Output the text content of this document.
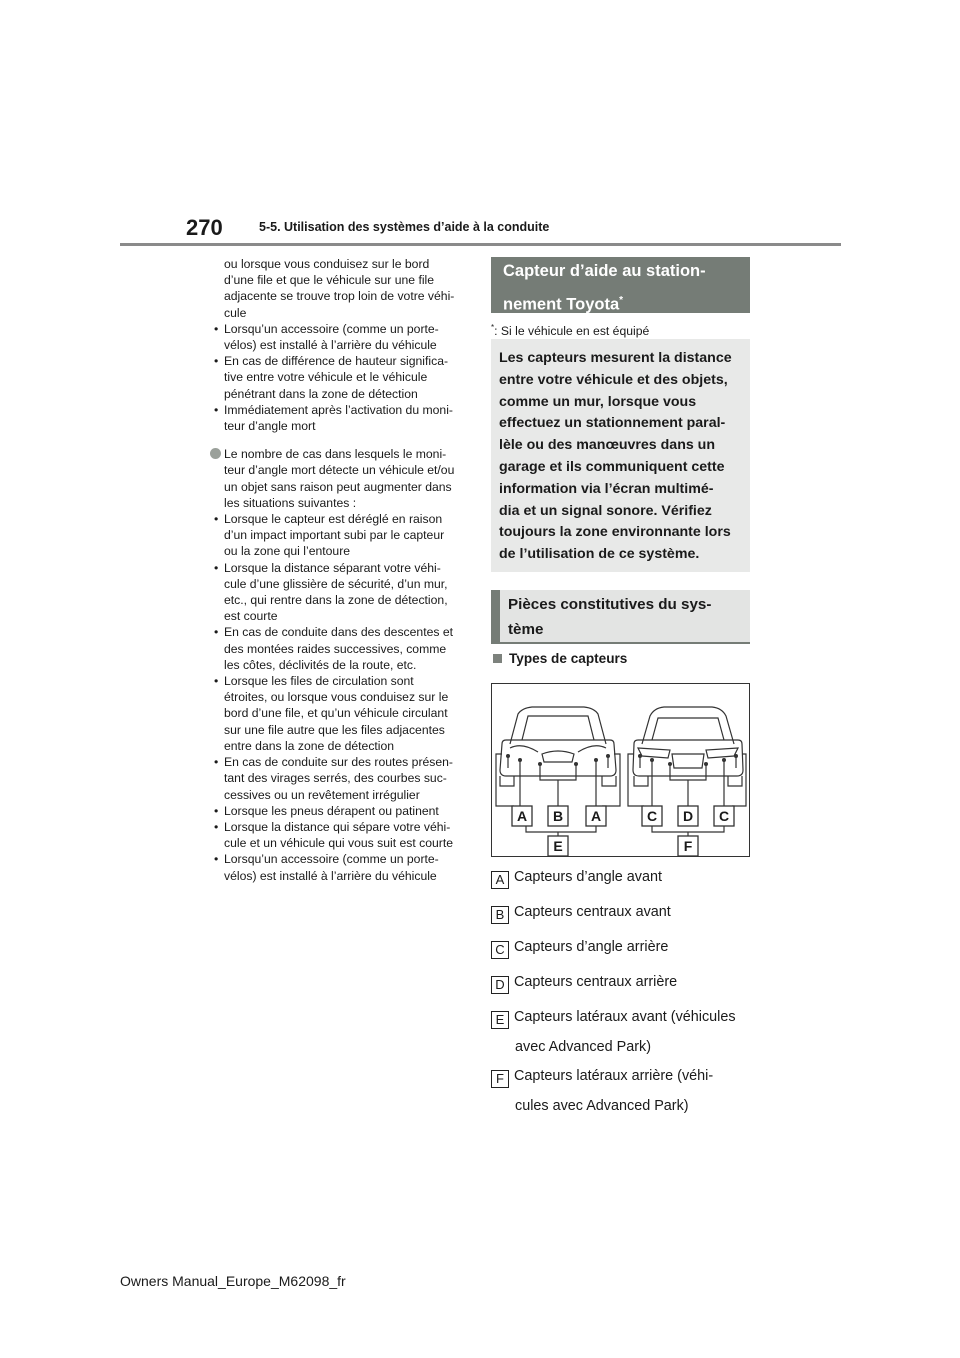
270	5-5. Utilisation des systèmes d’aide à la conduite
ou lorsque vous conduisez sur le bord
d’une file et que le véhicule sur une file
adjacente se trouve trop loin de votre véhi-
cule
• Lorsqu’un accessoire (comme un porte-
vélos) est installé à l’arrière du véhicule
• En cas de différence de hauteur significa-
tive entre votre véhicule et le véhicule
pénétrant dans la zone de détection
• Immédiatement après l’activation du moni-
teur d’angle mort
Le nombre de cas dans lesquels le moni-
teur d’angle mort détecte un véhicule et/ou
un objet sans raison peut augmenter dans
les situations suivantes :
• Lorsque le capteur est déréglé en raison
d’un impact important subi par le capteur
ou la zone qui l’entoure
• Lorsque la distance séparant votre véhi-
cule d’une glissière de sécurité, d’un mur,
etc., qui rentre dans la zone de détection,
est courte
• En cas de conduite dans des descentes et
des montées raides successives, comme
les côtes, déclivités de la route, etc.
• Lorsque les files de circulation sont
étroites, ou lorsque vous conduisez sur le
bord d’une file, et qu’un véhicule circulant
sur une file autre que les files adjacentes
entre dans la zone de détection
• En cas de conduite sur des routes présen-
tant des virages serrés, des courbes suc-
cessives ou un revêtement irrégulier
• Lorsque les pneus dérapent ou patinent
• Lorsque la distance qui sépare votre véhi-
cule et un véhicule qui vous suit est courte
• Lorsqu’un accessoire (comme un porte-
vélos) est installé à l’arrière du véhicule
Capteur d’aide au station-
nement Toyota*
*: Si le véhicule en est équipé
Les capteurs mesurent la distance
entre votre véhicule et des objets,
comme un mur, lorsque vous
effectuez un stationnement paral-
lèle ou des manœuvres dans un
garage et ils communiquent cette
information via l’écran multimé-
dia et un signal sonore. Vérifiez
toujours la zone environnante lors
de l’utilisation de ce système.
Pièces constitutives du sys-
tème
Types de capteurs
A B A	C D C
E	F
A Capteurs d’angle avant
B Capteurs centraux avant
C Capteurs d’angle arrière
D Capteurs centraux arrière
E Capteurs latéraux avant (véhicules
avec Advanced Park)
F Capteurs latéraux arrière (véhi-
cules avec Advanced Park)
Owners Manual_Europe_M62098_fr
